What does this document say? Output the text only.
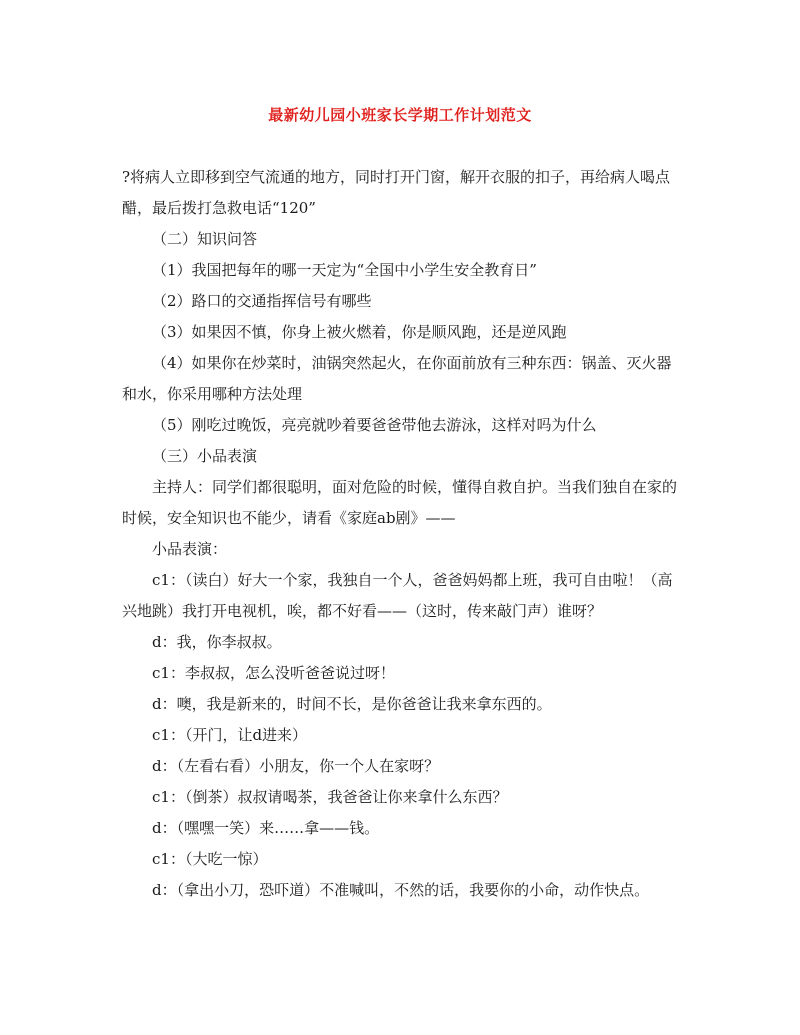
最新幼儿园小班家长学期工作计划范文

?将病人立即移到空气流通的地方，同时打开门窗，解开衣服的扣子，再给病人喝点醋，最后拨打急救电话“120”

（二）知识问答

（1）我国把每年的哪一天定为“全国中小学生安全教育日”

（2）路口的交通指挥信号有哪些

（3）如果因不慎，你身上被火燃着，你是顺风跑，还是逆风跑

（4）如果你在炒菜时，油锅突然起火，在你面前放有三种东西：锅盖、灭火器和水，你采用哪种方法处理

（5）刚吃过晚饭，亮亮就吵着要爸爸带他去游泳，这样对吗为什么

（三）小品表演

主持人：同学们都很聪明，面对危险的时候，懂得自救自护。当我们独自在家的时候，安全知识也不能少，请看《家庭ab剧》——

小品表演：

c1：（读白）好大一个家，我独自一个人，爸爸妈妈都上班，我可自由啦！（高兴地跳）我打开电视机，唉，都不好看——（这时，传来敲门声）谁呀？

d：我，你李叔叔。

c1：李叔叔，怎么没听爸爸说过呀！

d：噢，我是新来的，时间不长，是你爸爸让我来拿东西的。

c1：（开门，让d进来）

d：（左看右看）小朋友，你一个人在家呀？

c1：（倒茶）叔叔请喝茶，我爸爸让你来拿什么东西？

d：（嘿嘿一笑）来……拿——钱。

c1：（大吃一惊）

d：（拿出小刀，恐吓道）不准喊叫，不然的话，我要你的小命，动作快点。
